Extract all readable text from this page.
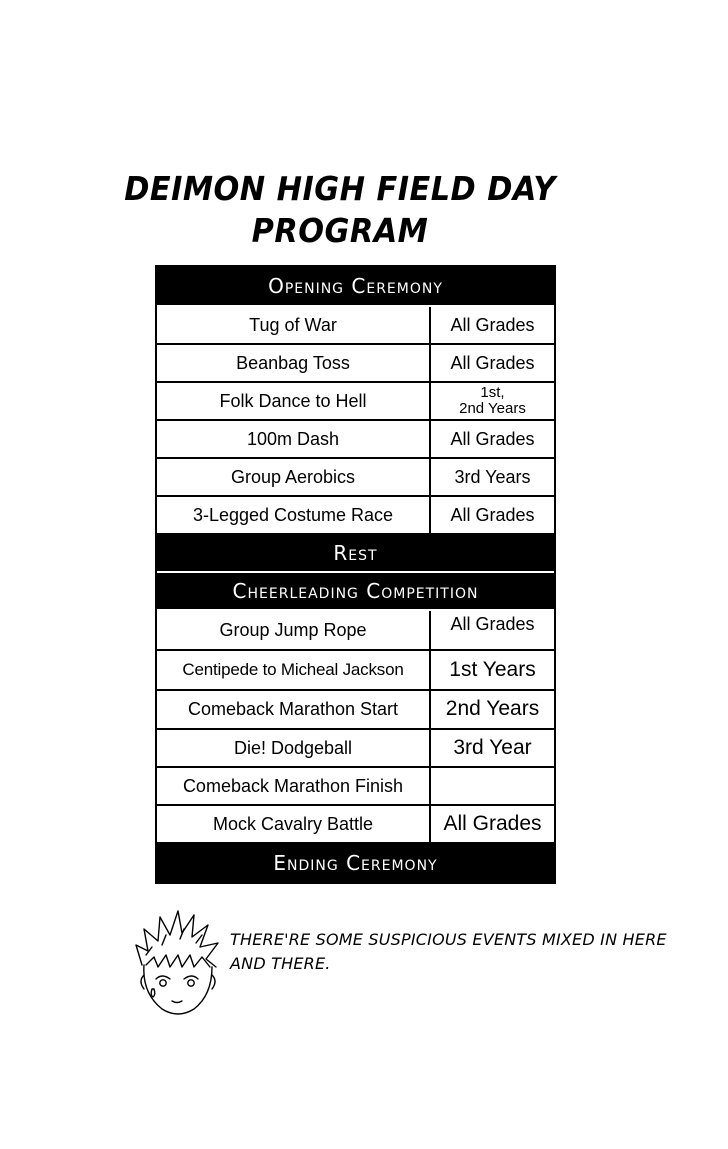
DEIMON HIGH FIELD DAY
PROGRAM
Opening Ceremony
Tug of War	All Grades
Beanbag Toss	All Grades
Folk Dance to Hell	1st,
2nd Years
100m Dash	All Grades
Group Aerobics	3rd Years
3-Legged Costume Race	All Grades
Rest
Cheerleading Competition
Group Jump Rope	All Grades
Centipede to Micheal Jackson	1st Years
Comeback Marathon Start	2nd Years
Die! Dodgeball	3rd Year
Comeback Marathon Finish
Mock Cavalry Battle	All Grades
Ending Ceremony

THERE'RE SOME SUSPICIOUS EVENTS MIXED IN HERE
AND THERE.
